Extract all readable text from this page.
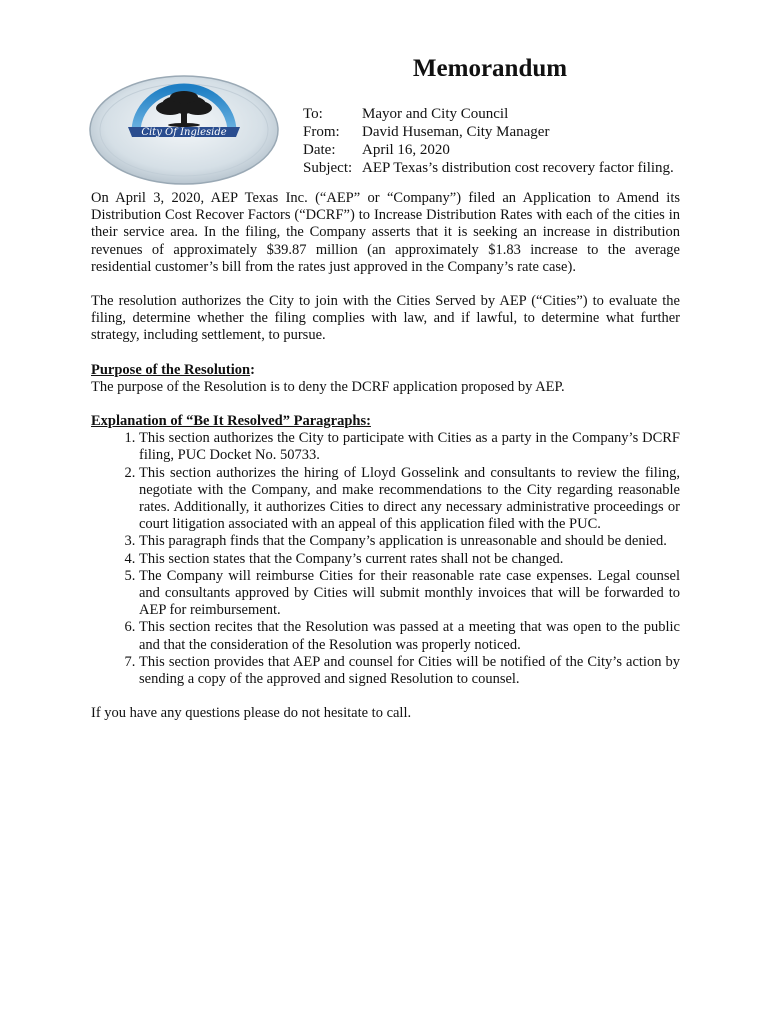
City Of Ingleside
Memorandum
To:	Mayor and City Council
From:	David Huseman, City Manager
Date:	April 16, 2020
Subject: AEP Texas’s distribution cost recovery factor filing.

On April 3, 2020, AEP Texas Inc. (“AEP” or “Company”) filed an Application to Amend its Distribution Cost Recover Factors (“DCRF”) to Increase Distribution Rates with each of the cities in their service area. In the filing, the Company asserts that it is seeking an increase in distribution revenues of approximately $39.87 million (an approximately $1.83 increase to the average residential customer’s bill from the rates just approved in the Company’s rate case).

The resolution authorizes the City to join with the Cities Served by AEP (“Cities”) to evaluate the filing, determine whether the filing complies with law, and if lawful, to determine what further strategy, including settlement, to pursue.

Purpose of the Resolution:

The purpose of the Resolution is to deny the DCRF application proposed by AEP.

Explanation of “Be It Resolved” Paragraphs:
1. This section authorizes the City to participate with Cities as a party in the Company’s DCRF filing, PUC Docket No. 50733.
2. This section authorizes the hiring of Lloyd Gosselink and consultants to review the filing, negotiate with the Company, and make recommendations to the City regarding reasonable rates. Additionally, it authorizes Cities to direct any necessary administrative proceedings or court litigation associated with an appeal of this application filed with the PUC.
3. This paragraph finds that the Company’s application is unreasonable and should be denied.
4. This section states that the Company’s current rates shall not be changed.
5. The Company will reimburse Cities for their reasonable rate case expenses. Legal counsel and consultants approved by Cities will submit monthly invoices that will be forwarded to AEP for reimbursement.
6. This section recites that the Resolution was passed at a meeting that was open to the public and that the consideration of the Resolution was properly noticed.
7. This section provides that AEP and counsel for Cities will be notified of the City’s action by sending a copy of the approved and signed Resolution to counsel.

If you have any questions please do not hesitate to call.
